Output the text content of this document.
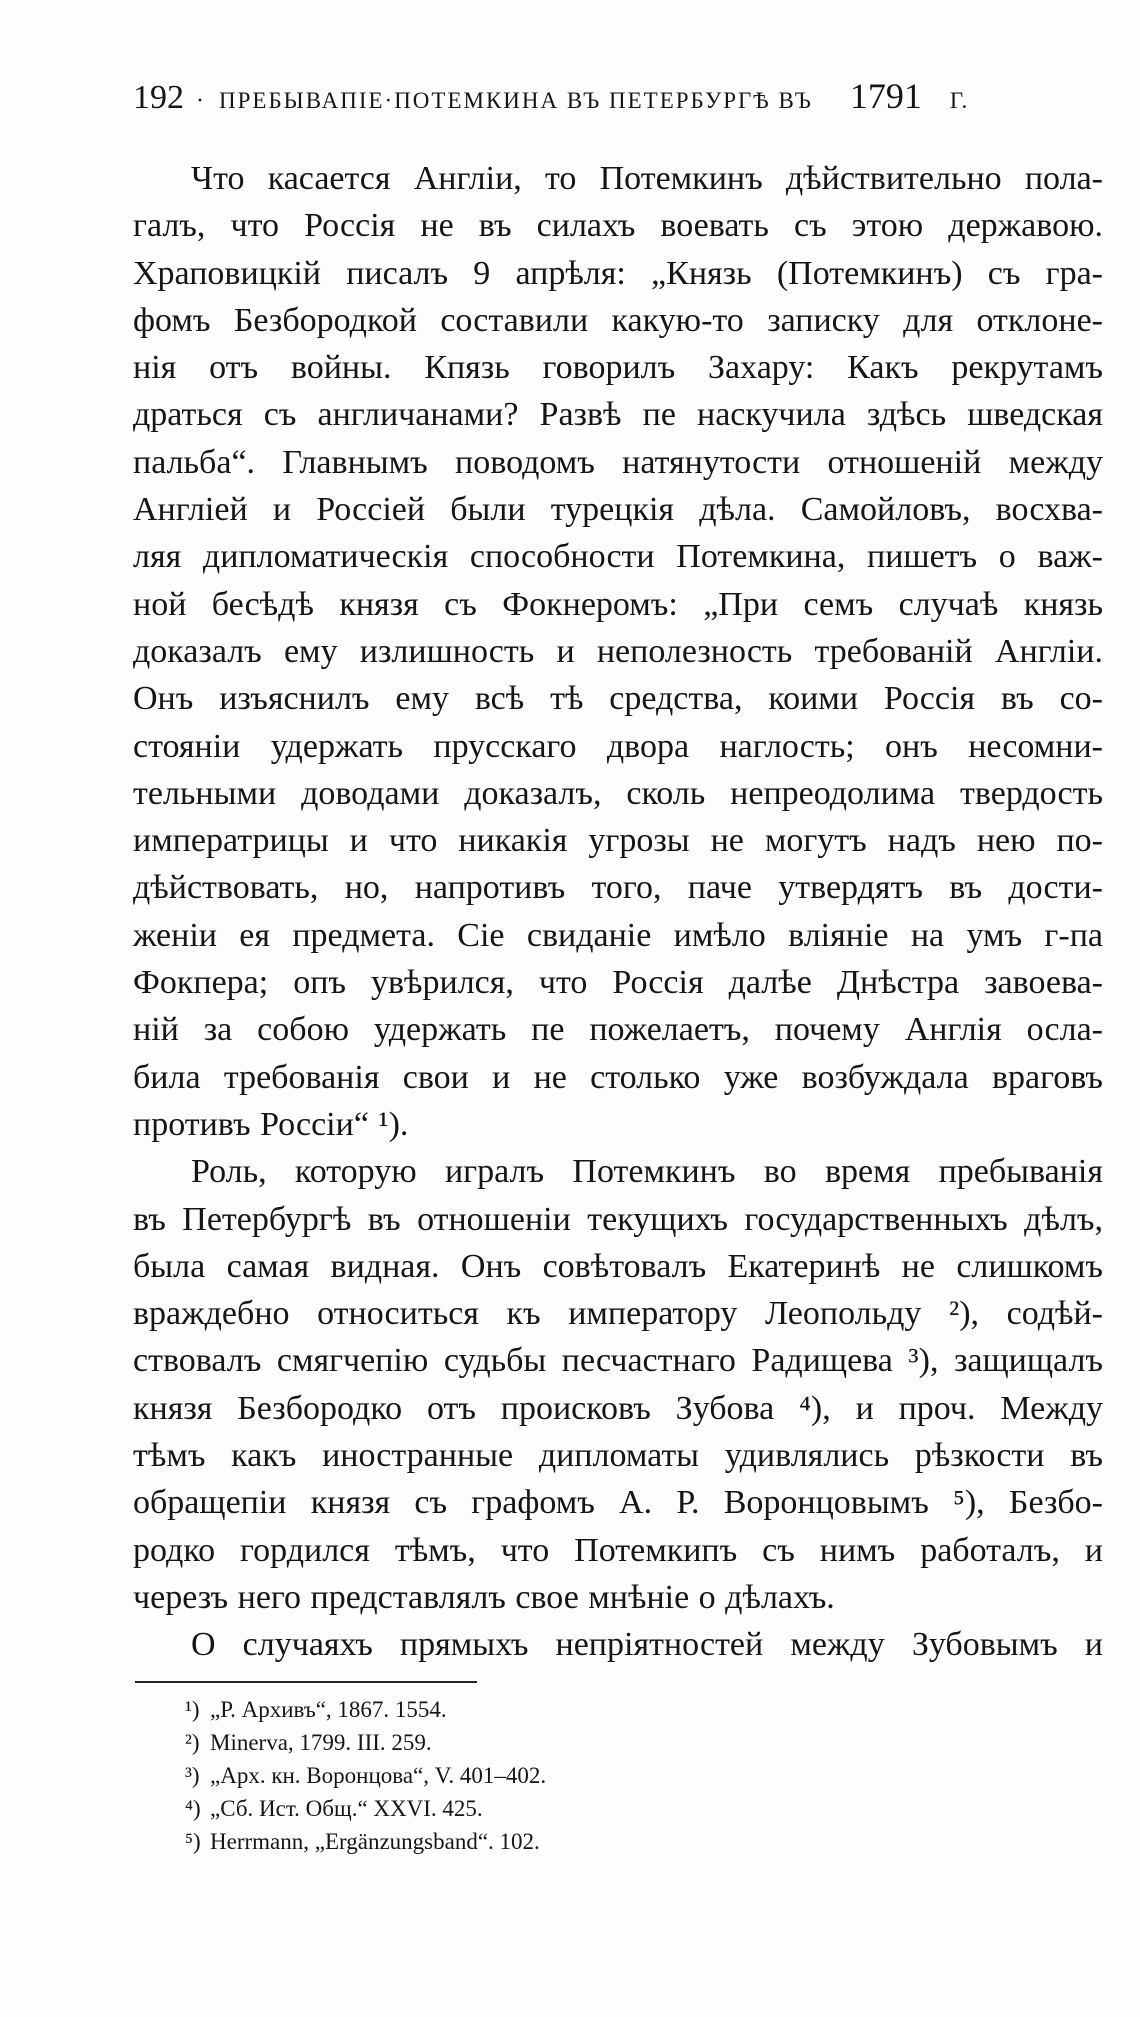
192 · ПРЕБЫВАПІЕ·ПОТЕМКИНА ВЪ ПЕТЕРБУРГѢ ВЪ 1791 Г.
Что касается Англіи, то Потемкинъ дѣйствительно пола-
галъ, что Россія не въ силахъ воевать съ этою державою.
Храповицкій писалъ 9 апрѣля: „Князь (Потемкинъ) съ гра-
фомъ Безбородкой составили какую-то записку для отклоне-
нія отъ войны. Кпязь говорилъ Захару: Какъ рекрутамъ
драться съ англичанами? Развѣ пе наскучила здѣсь шведская
пальба“. Главнымъ поводомъ натянутости отношеній между
Англіей и Россіей были турецкія дѣла. Самойловъ, восхва-
ляя дипломатическія способности Потемкина, пишетъ о важ-
ной бесѣдѣ князя съ Фокнеромъ: „При семъ случаѣ князь
доказалъ ему излишность и неполезность требованій Англіи.
Онъ изъяснилъ ему всѣ тѣ средства, коими Россія въ со-
стояніи удержать прусскаго двора наглость; онъ несомни-
тельными доводами доказалъ, сколь непреодолима твердость
императрицы и что никакія угрозы не могутъ надъ нею по-
дѣйствовать, но, напротивъ того, паче утвердятъ въ дости-
женіи ея предмета. Сіе свиданіе имѣло вліяніе на умъ г-па
Фокпера; опъ увѣрился, что Россія далѣе Днѣстра завоева-
ній за собою удержать пе пожелаетъ, почему Англія осла-
била требованія свои и не столько уже возбуждала враговъ
противъ Россіи“ ¹).
Роль, которую игралъ Потемкинъ во время пребыванія
въ Петербургѣ въ отношеніи текущихъ государственныхъ дѣлъ,
была самая видная. Онъ совѣтовалъ Екатеринѣ не слишкомъ
враждебно относиться къ императору Леопольду ²), содѣй-
ствовалъ смягчепію судьбы песчастнаго Радищева ³), защищалъ
князя Безбородко отъ происковъ Зубова ⁴), и проч. Между
тѣмъ какъ иностранные дипломаты удивлялись рѣзкости въ
обращепіи князя съ графомъ А. Р. Воронцовымъ ⁵), Безбо-
родко гордился тѣмъ, что Потемкипъ съ нимъ работалъ, и
черезъ него представлялъ свое мнѣніе о дѣлахъ.
О случаяхъ прямыхъ непріятностей между Зубовымъ и
¹) „Р. Архивъ“, 1867. 1554.
²) Minerva, 1799. III. 259.
³) „Арх. кн. Воронцова“, V. 401–402.
⁴) „Сб. Ист. Общ.“ XXVI. 425.
⁵) Herrmann, „Ergänzungsband“. 102.
